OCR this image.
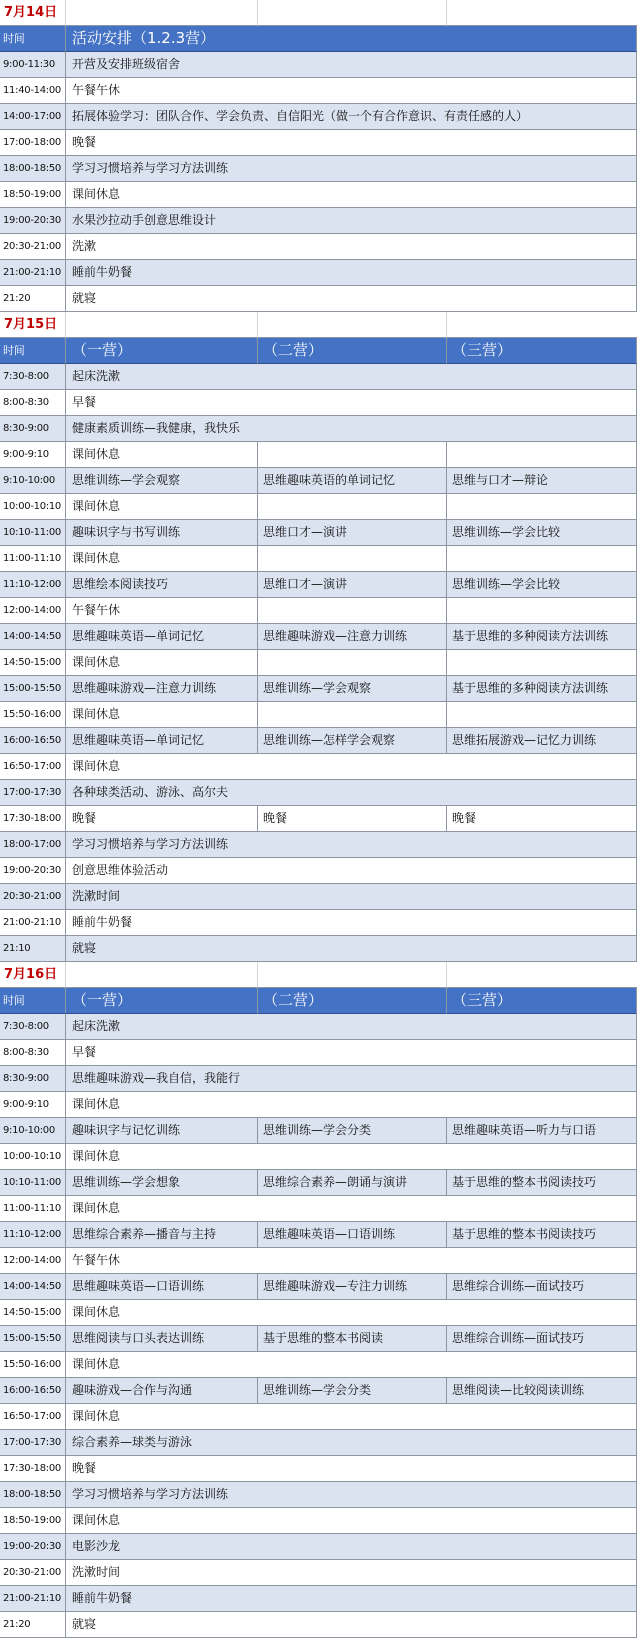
7月14日
时间	活动安排（1.2.3营）
9:00-11:30	开营及安排班级宿舍
11:40-14:00 午餐午休
14:00-17:00 拓展体验学习：团队合作、学会负责、自信阳光（做一个有合作意识、有责任感的人）
17:00-18:00 晚餐
18:00-18:50 学习习惯培养与学习方法训练
18:50-19:00 课间休息
19:00-20:30 水果沙拉动手创意思维设计
20:30-21:00 洗漱
21:00-21:10 睡前牛奶餐
21:20	就寝
7月15日
时间	（一营）	（二营）	（三营）
7:30-8:00	起床洗漱
8:00-8:30	早餐
8:30-9:00	健康素质训练—我健康，我快乐
9:00-9:10	课间休息
9:10-10:00	思维训练—学会观察	思维趣味英语的单词记忆	思维与口才—辩论
10:00-10:10 课间休息
10:10-11:00 趣味识字与书写训练	思维口才—演讲	思维训练—学会比较
11:00-11:10 课间休息
11:10-12:00 思维绘本阅读技巧	思维口才—演讲	思维训练—学会比较
12:00-14:00 午餐午休
14:00-14:50 思维趣味英语—单词记忆	思维趣味游戏—注意力训练	基于思维的多种阅读方法训练
14:50-15:00 课间休息
15:00-15:50 思维趣味游戏—注意力训练	思维训练—学会观察	基于思维的多种阅读方法训练
15:50-16:00 课间休息
16:00-16:50 思维趣味英语—单词记忆	思维训练—怎样学会观察	思维拓展游戏—记忆力训练
16:50-17:00 课间休息
17:00-17:30 各种球类活动、游泳、高尔夫
17:30-18:00 晚餐	晚餐	晚餐
18:00-17:00 学习习惯培养与学习方法训练
19:00-20:30 创意思维体验活动
20:30-21:00 洗漱时间
21:00-21:10 睡前牛奶餐
21:10	就寝
7月16日
时间	（一营）	（二营）	（三营）
7:30-8:00	起床洗漱
8:00-8:30	早餐
8:30-9:00	思维趣味游戏—我自信，我能行
9:00-9:10	课间休息
9:10-10:00	趣味识字与记忆训练	思维训练—学会分类	思维趣味英语—听力与口语
10:00-10:10 课间休息
10:10-11:00 思维训练—学会想象	思维综合素养—朗诵与演讲	基于思维的整本书阅读技巧
11:00-11:10 课间休息
11:10-12:00 思维综合素养—播音与主持	思维趣味英语—口语训练	基于思维的整本书阅读技巧
12:00-14:00 午餐午休
14:00-14:50 思维趣味英语—口语训练	思维趣味游戏—专注力训练	思维综合训练—面试技巧
14:50-15:00 课间休息
15:00-15:50 思维阅读与口头表达训练	基于思维的整本书阅读	思维综合训练—面试技巧
15:50-16:00 课间休息
16:00-16:50 趣味游戏—合作与沟通	思维训练—学会分类	思维阅读—比较阅读训练
16:50-17:00 课间休息
17:00-17:30 综合素养—球类与游泳
17:30-18:00 晚餐
18:00-18:50 学习习惯培养与学习方法训练
18:50-19:00 课间休息
19:00-20:30 电影沙龙
20:30-21:00 洗漱时间
21:00-21:10 睡前牛奶餐
21:20	就寝
